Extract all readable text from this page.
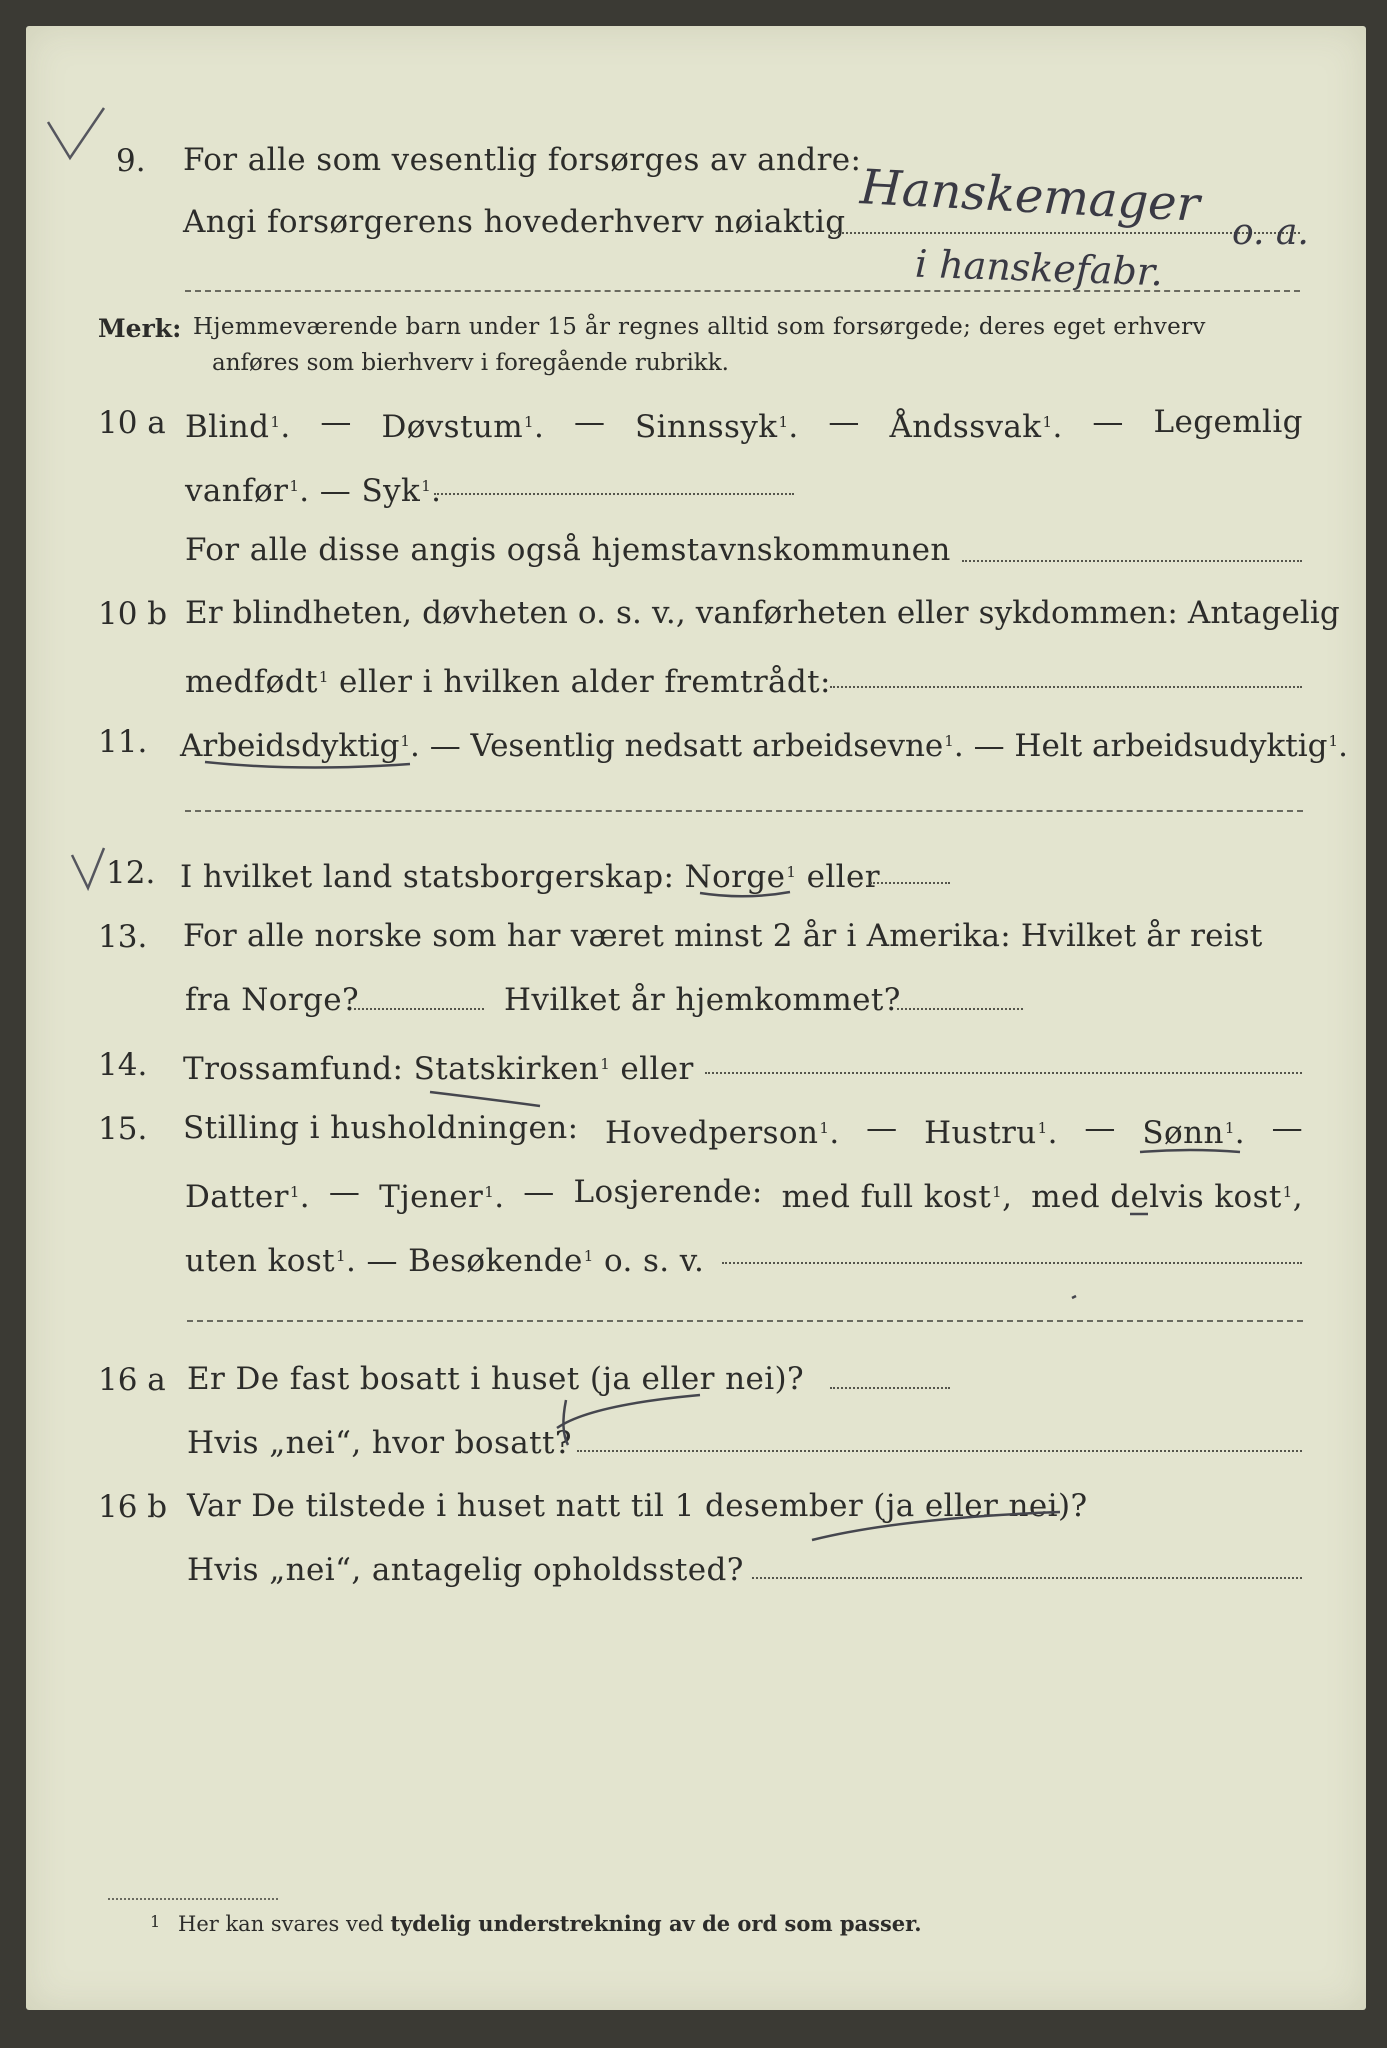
9. For alle som vesentlig forsørges av andre:
Angi forsørgerens hovederhverv nøiaktig Hanskemager o. a.
i hanskefabr.
Merk: Hjemmeværende barn under 15 år regnes alltid som forsørgede; deres eget erhverv
anføres som bierhverv i foregående rubrikk.
10 a Blind$^1$. — Døvstum$^1$. — Sinnssyk$^1$. — Åndssvak$^1$. — Legemlig
vanfør$^1$. — Syk$^1$.
For alle disse angis også hjemstavnskommunen
10 b Er blindheten, døvheten o. s. v., vanførheten eller sykdommen: Antagelig
medfødt$^1$ eller i hvilken alder fremtrådt:
11. Arbeidsdyktig$^1$. — Vesentlig nedsatt arbeidsevne$^1$. — Helt arbeidsudyktig$^1$.
12. I hvilket land statsborgerskap: Norge$^1$ eller
13. For alle norske som har været minst 2 år i Amerika: Hvilket år reist
fra Norge?	Hvilket år hjemkommet?
14. Trossamfund: Statskirken$^1$ eller
15. Stilling i husholdningen: Hovedperson$^1$. — Hustru$^1$. — Sønn$^1$. —
Datter$^1$. — Tjener$^1$. — Losjerende: med full kost$^1$, med delvis kost$^1$,
uten kost$^1$. — Besøkende$^1$ o. s. v.
16 a Er De fast bosatt i huset (ja eller nei)?
Hvis „nei“, hvor bosatt?
16 b Var De tilstede i huset natt til 1 desember (ja eller nei)?
Hvis „nei“, antagelig opholdssted?
1 Her kan svares ved tydelig understrekning av de ord som passer.
